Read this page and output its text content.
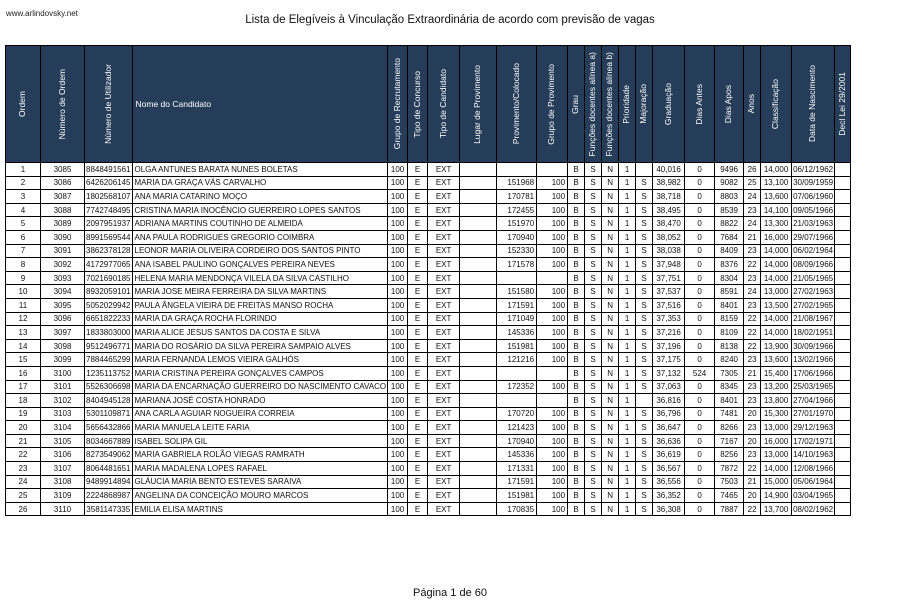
www.arlindovsky.net
Lista de Elegíveis à Vinculação Extraordinária de acordo com previsão de vagas
Ordem	Número de Ordem	Número de Utilizador	Nome do Candidato	Grupo de Recrutamento	Tipo de Concurso	Tipo de Candidato	Lugar de Provimento	Provimento/Colocado	Grupo de Provimento	Grau	Funções docentes alinea a)	Funções docentes alinea b)	Prioridade	Majoração	Graduação	Dias Antes	Dias Apos	Anos	Classificação	Data de Nascimento	Decl Lei 29/2001

1	3085	8848491561	OLGA ANTUNES BARATA NUNES BOLETAS	100	E	EXT				B	S	N	1		40,016	0	9496	26	14,000	06/12/1962	
2	3086	6426206145	MARIA DA GRAÇA VÁS CARVALHO	100	E	EXT		151968	100	B	S	N	1	S	38,982	0	9082	25	13,100	30/09/1959	
3	3087	1802568107	ANA MARIA CATARINO MOÇO	100	E	EXT		170781	100	B	S	N	1	S	38,718	0	8803	24	13,600	07/06/1960	
4	3088	7742748495	CRISTINA MARIA INOCÊNCIO GUERREIRO LOPES SANTOS	100	E	EXT		172455	100	B	S	N	1	S	38,495	0	8539	23	14,100	09/05/1966	
5	3089	2097951937	ADRIANA MARTINS COUTINHO DE ALMEIDA	100	E	EXT		151970	100	B	S	N	1	S	38,470	0	8822	24	13,300	21/03/1963	
6	3090	8991569544	ANA PAULA RODRIGUES GREGORIO COIMBRA	100	E	EXT		170940	100	B	S	N	1	S	38,052	0	7684	21	16,000	29/07/1966	
7	3091	3862378128	LEONOR MARIA OLIVEIRA CORDEIRO DOS SANTOS PINTO	100	E	EXT		152330	100	B	S	N	1	S	38,038	0	8409	23	14,000	06/02/1964	
8	3092	4172977065	ANA ISABEL PAULINO GONÇALVES PEREIRA NEVES	100	E	EXT		171578	100	B	S	N	1	S	37,948	0	8376	22	14,000	08/09/1966	
9	3093	7021690185	HELENA MARIA MENDONÇA VILELA DA SILVA CASTILHO	100	E	EXT				B	S	N	1	S	37,751	0	8304	23	14,000	21/05/1965	
10	3094	8932059101	MARIA JOSE MEIRA FERREIRA DA SILVA MARTINS	100	E	EXT		151580	100	B	S	N	1	S	37,537	0	8591	24	13,000	27/02/1963	
11	3095	5052029942	PAULA ÂNGELA VIEIRA DE FREITAS MANSO ROCHA	100	E	EXT		171591	100	B	S	N	1	S	37,516	0	8401	23	13,500	27/02/1965	
12	3096	6651822233	MARIA DA GRAÇA ROCHA FLORINDO	100	E	EXT		171049	100	B	S	N	1	S	37,353	0	8159	22	14,000	21/08/1967	
13	3097	1833803000	MARIA ALICE JESUS SANTOS DA COSTA E SILVA	100	E	EXT		145336	100	B	S	N	1	S	37,216	0	8109	22	14,000	18/02/1951	
14	3098	9512496771	MARIA DO ROSÁRIO DA SILVA PEREIRA SAMPAIO ALVES	100	E	EXT		151981	100	B	S	N	1	S	37,196	0	8138	22	13,900	30/09/1966	
15	3099	7884465299	MARIA FERNANDA LEMOS VIEIRA GALHÓS	100	E	EXT		121216	100	B	S	N	1	S	37,175	0	8240	23	13,600	13/02/1966	
16	3100	1235113752	MARIA CRISTINA PEREIRA GONÇALVES CAMPOS	100	E	EXT				B	S	N	1	S	37,132	524	7305	21	15,400	17/06/1966	
17	3101	5526306698	MARIA DA ENCARNAÇÃO GUERREIRO DO NASCIMENTO CAVACO	100	E	EXT		172352	100	B	S	N	1	S	37,063	0	8345	23	13,200	25/03/1965	
18	3102	8404945128	MARIANA JOSÉ COSTA HONRADO	100	E	EXT				B	S	N	1		36,816	0	8401	23	13,800	27/04/1966	
19	3103	5301109871	ANA CARLA AGUIAR NOGUEIRA CORREIA	100	E	EXT		170720	100	B	S	N	1	S	36,796	0	7481	20	15,300	27/01/1970	
20	3104	5656432866	MARIA MANUELA LEITE FARIA	100	E	EXT		121423	100	B	S	N	1	S	36,647	0	8266	23	13,000	29/12/1963	
21	3105	8034667889	ISABEL SOLIPA GIL	100	E	EXT		170940	100	B	S	N	1	S	36,636	0	7167	20	16,000	17/02/1971	
22	3106	8273549062	MARIA GABRIELA ROLÃO VIEGAS RAMRATH	100	E	EXT		145336	100	B	S	N	1	S	36,619	0	8256	23	13,000	14/10/1963	
23	3107	8064481651	MARIA MADALENA LOPES RAFAEL	100	E	EXT		171331	100	B	S	N	1	S	36,567	0	7872	22	14,000	12/08/1966	
24	3108	9489914894	GLÁUCIA MARIA BENTO ESTEVES SARAIVA	100	E	EXT		171591	100	B	S	N	1	S	36,556	0	7503	21	15,000	05/06/1964	
25	3109	2224868987	ANGELINA DA CONCEIÇÃO MOURO MARCOS	100	E	EXT		151981	100	B	S	N	1	S	36,352	0	7465	20	14,900	03/04/1965	
26	3110	3581147335	EMILIA ELISA MARTINS	100	E	EXT		170835	100	B	S	N	1	S	36,308	0	7887	22	13,700	08/02/1962	
Página 1 de 60
